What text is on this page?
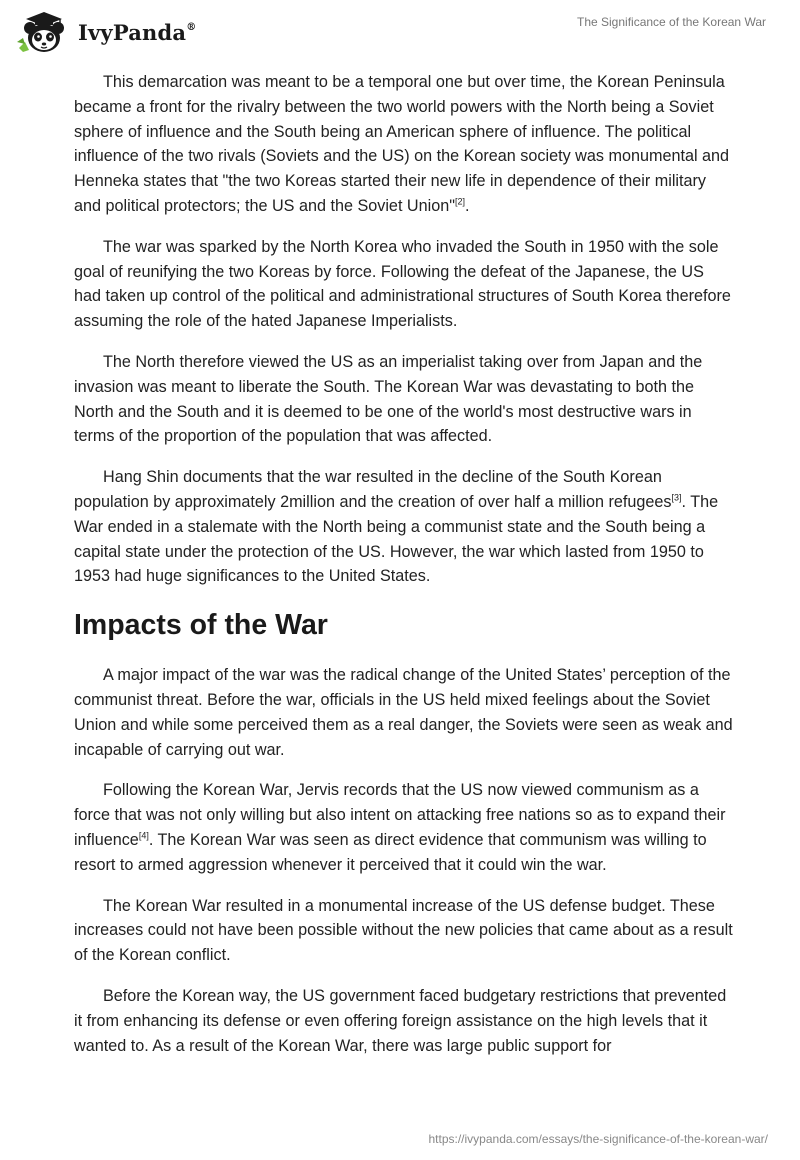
IvyPanda®	The Significance of the Korean War

This demarcation was meant to be a temporal one but over time, the Korean Peninsula became a front for the rivalry between the two world powers with the North being a Soviet sphere of influence and the South being an American sphere of influence. The political influence of the two rivals (Soviets and the US) on the Korean society was monumental and Henneka states that "the two Koreas started their new life in dependence of their military and political protectors; the US and the Soviet Union"[2].

The war was sparked by the North Korea who invaded the South in 1950 with the sole goal of reunifying the two Koreas by force. Following the defeat of the Japanese, the US had taken up control of the political and administrational structures of South Korea therefore assuming the role of the hated Japanese Imperialists.

The North therefore viewed the US as an imperialist taking over from Japan and the invasion was meant to liberate the South. The Korean War was devastating to both the North and the South and it is deemed to be one of the world's most destructive wars in terms of the proportion of the population that was affected.

Hang Shin documents that the war resulted in the decline of the South Korean population by approximately 2million and the creation of over half a million refugees[3]. The War ended in a stalemate with the North being a communist state and the South being a capital state under the protection of the US. However, the war which lasted from 1950 to 1953 had huge significances to the United States.

Impacts of the War

A major impact of the war was the radical change of the United States’ perception of the communist threat. Before the war, officials in the US held mixed feelings about the Soviet Union and while some perceived them as a real danger, the Soviets were seen as weak and incapable of carrying out war.

Following the Korean War, Jervis records that the US now viewed communism as a force that was not only willing but also intent on attacking free nations so as to expand their influence[4]. The Korean War was seen as direct evidence that communism was willing to resort to armed aggression whenever it perceived that it could win the war.

The Korean War resulted in a monumental increase of the US defense budget. These increases could not have been possible without the new policies that came about as a result of the Korean conflict.

Before the Korean way, the US government faced budgetary restrictions that prevented it from enhancing its defense or even offering foreign assistance on the high levels that it wanted to. As a result of the Korean War, there was large public support for

https://ivypanda.com/essays/the-significance-of-the-korean-war/
